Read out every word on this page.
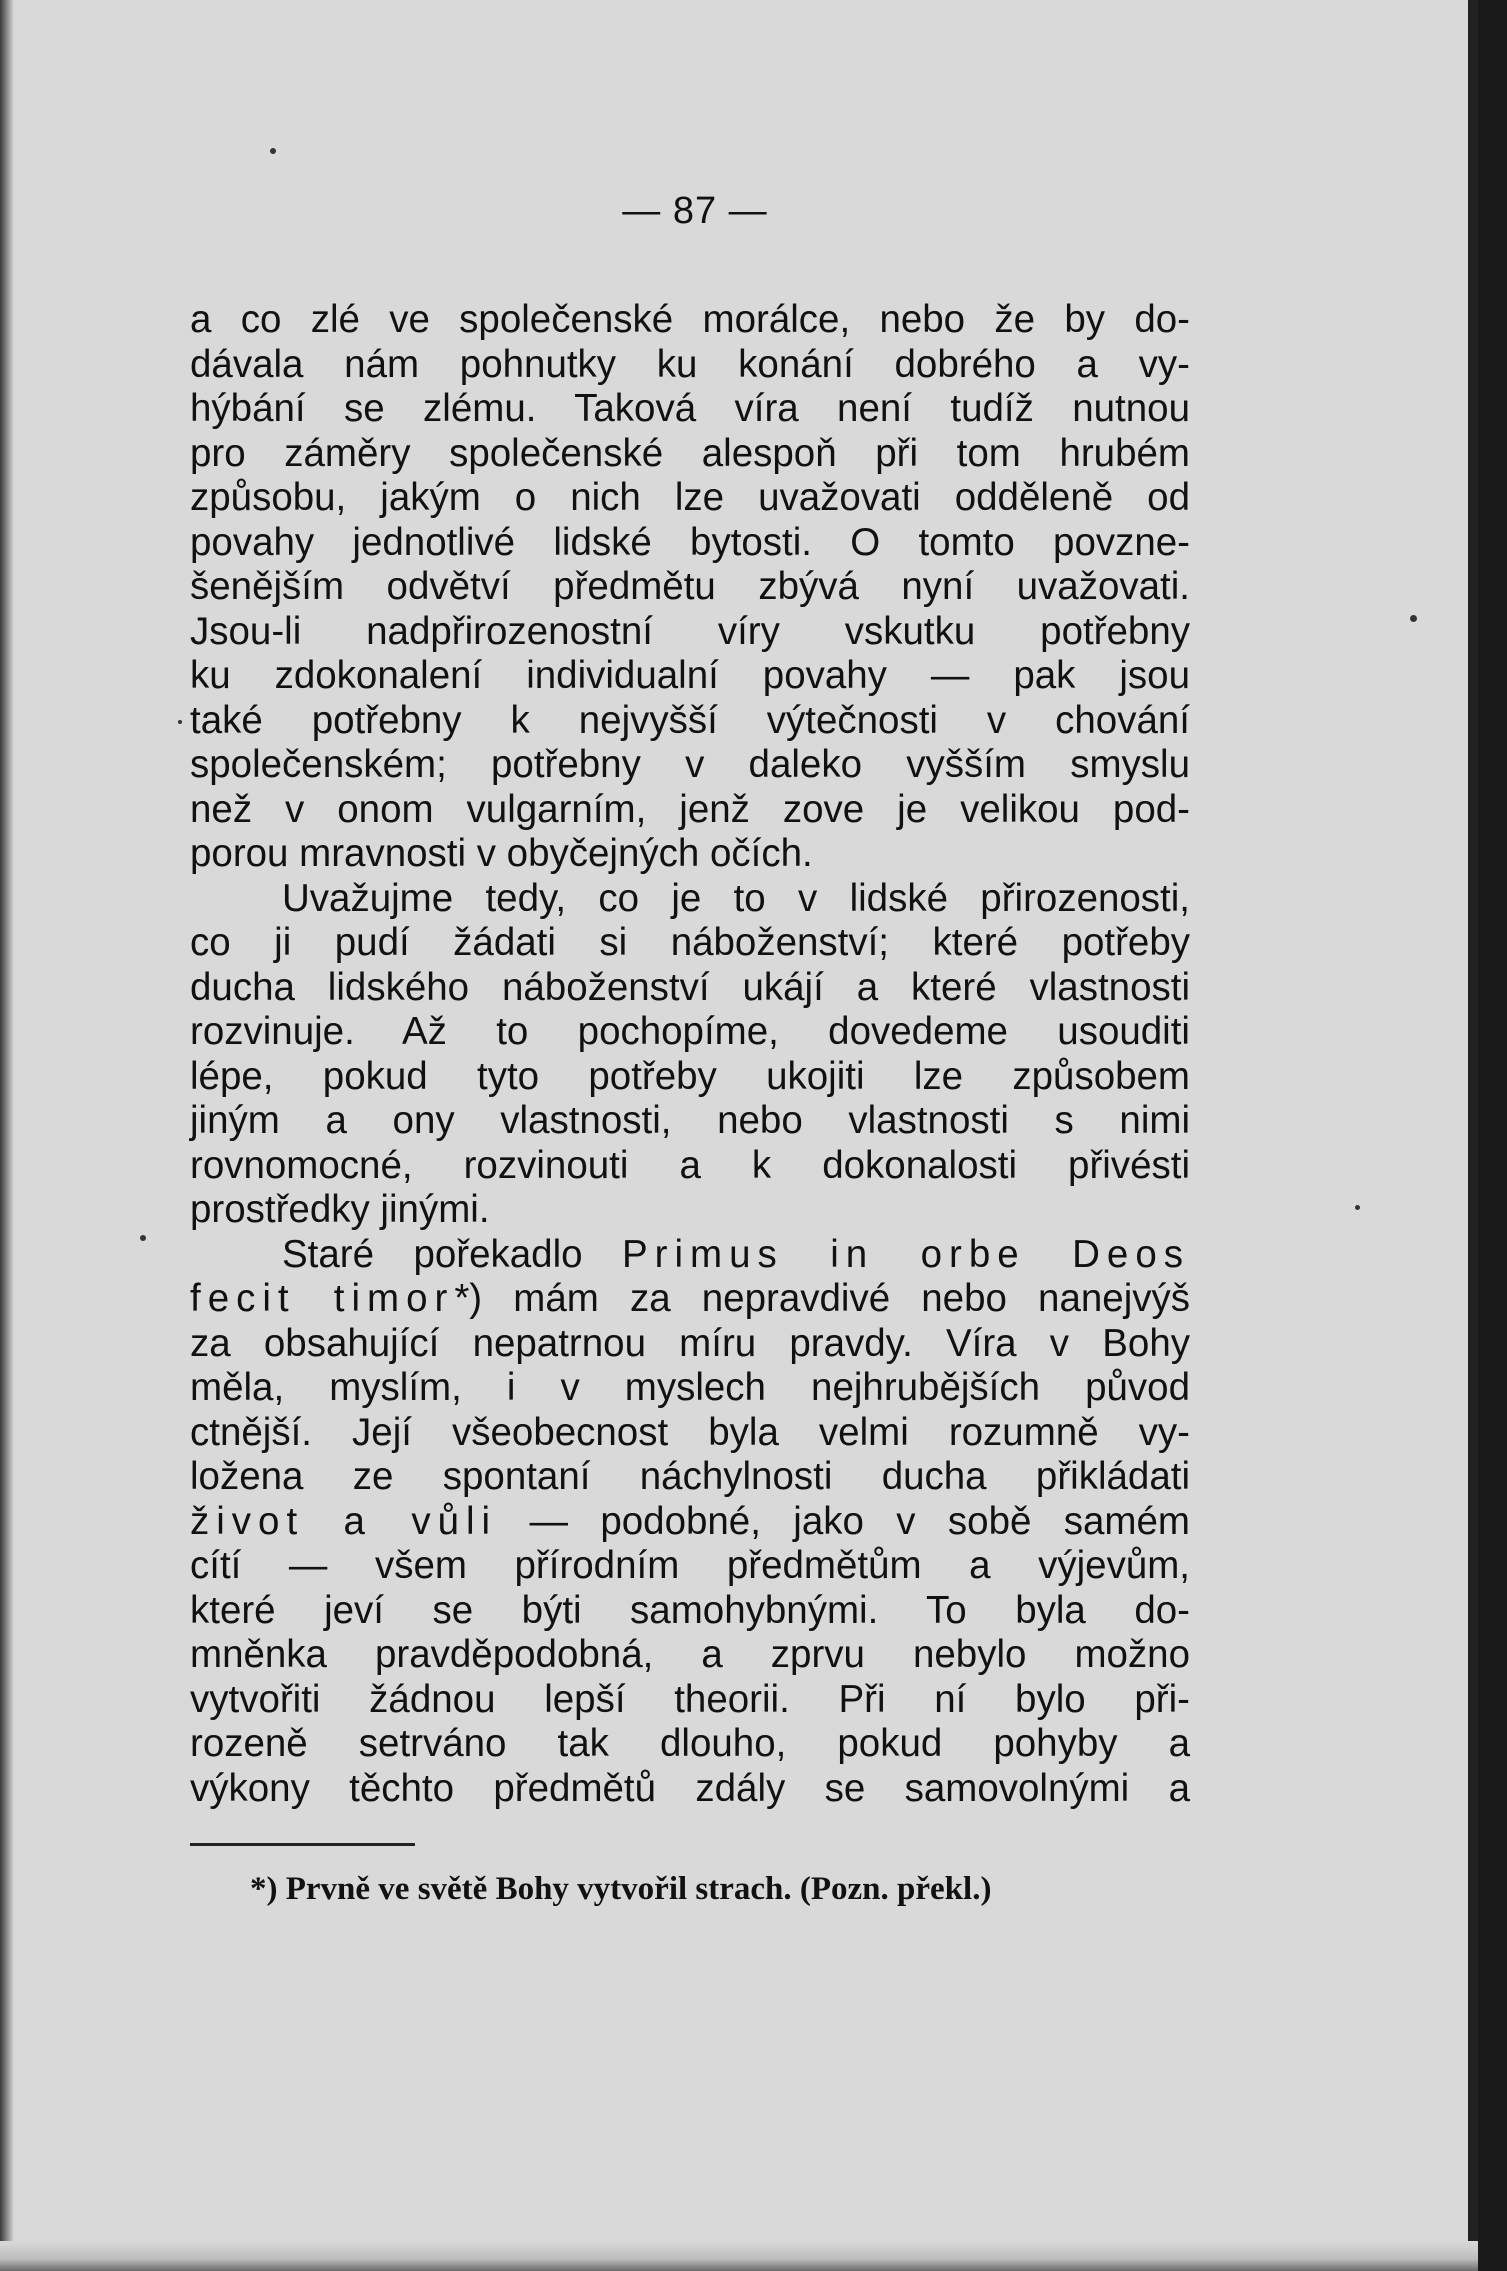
— 87 —
a co zlé ve společenské morálce, nebo že by do-
dávala nám pohnutky ku konání dobrého a vy-
hýbání se zlému. Taková víra není tudíž nutnou
pro záměry společenské alespoň při tom hrubém
způsobu, jakým o nich lze uvažovati odděleně od
povahy jednotlivé lidské bytosti. O tomto povzne-
šenějším odvětví předmětu zbývá nyní uvažovati.
Jsou-li nadpřirozenostní víry vskutku potřebny
ku zdokonalení individualní povahy — pak jsou
také potřebny k nejvyšší výtečnosti v chování
společenském; potřebny v daleko vyšším smyslu
než v onom vulgarním, jenž zove je velikou pod-
porou mravnosti v obyčejných očích.
Uvažujme tedy, co je to v lidské přirozenosti,
co ji pudí žádati si náboženství; které potřeby
ducha lidského náboženství ukájí a které vlastnosti
rozvinuje. Až to pochopíme, dovedeme usouditi
lépe, pokud tyto potřeby ukojiti lze způsobem
jiným a ony vlastnosti, nebo vlastnosti s nimi
rovnomocné, rozvinouti a k dokonalosti přivésti
prostředky jinými.
Staré pořekadlo Primus in orbe Deos
fecit timor*) mám za nepravdivé nebo nanejvýš
za obsahující nepatrnou míru pravdy. Víra v Bohy
měla, myslím, i v myslech nejhrubějších původ
ctnější. Její všeobecnost byla velmi rozumně vy-
ložena ze spontaní náchylnosti ducha přikládati
život a vůli — podobné, jako v sobě samém
cítí — všem přírodním předmětům a výjevům,
které jeví se býti samohybnými. To byla do-
mněnka pravděpodobná, a zprvu nebylo možno
vytvořiti žádnou lepší theorii. Při ní bylo při-
rozeně setrváno tak dlouho, pokud pohyby a
výkony těchto předmětů zdály se samovolnými a
*) Prvně ve světě Bohy vytvořil strach. (Pozn. překl.)
